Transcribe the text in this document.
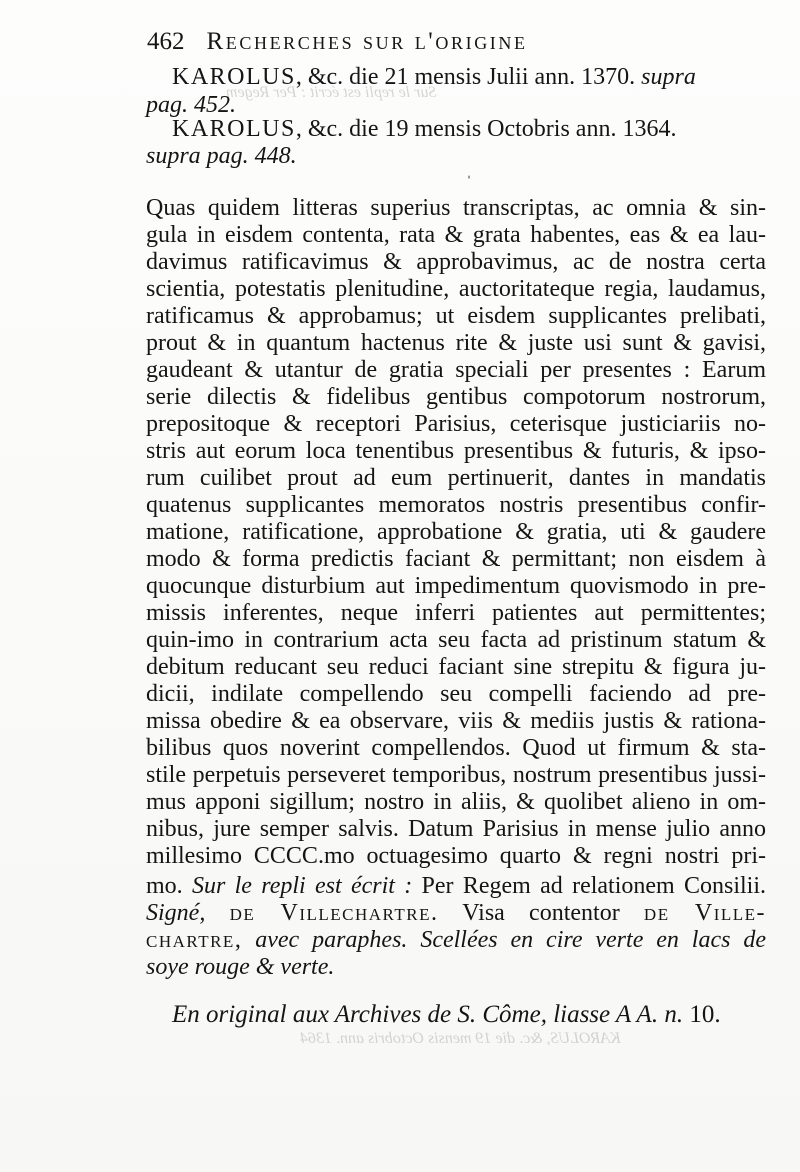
Sur le repli est écrit : Per Regem
KAROLUS, &c. die 19 mensis Octobris ann. 1364
462 Recherches sur l'origine
KAROLUS, &c. die 21 mensis Julii ann. 1370. supra
pag. 452.
KAROLUS, &c. die 19 mensis Octobris ann. 1364.
supra pag. 448.
ˈ
Quas quidem litteras superius transcriptas, ac omnia & sin-
gula in eisdem contenta, rata & grata habentes, eas & ea lau-
davimus ratificavimus & approbavimus, ac de nostra certa
scientia, potestatis plenitudine, auctoritateque regia, laudamus,
ratificamus & approbamus; ut eisdem supplicantes prelibati,
prout & in quantum hactenus rite & juste usi sunt & gavisi,
gaudeant & utantur de gratia speciali per presentes : Earum
serie dilectis & fidelibus gentibus compotorum nostrorum,
prepositoque & receptori Parisius, ceterisque justiciariis no-
stris aut eorum loca tenentibus presentibus & futuris, & ipso-
rum cuilibet prout ad eum pertinuerit, dantes in mandatis
quatenus supplicantes memoratos nostris presentibus confir-
matione, ratificatione, approbatione & gratia, uti & gaudere
modo & forma predictis faciant & permittant; non eisdem à
quocunque disturbium aut impedimentum quovismodo in pre-
missis inferentes, neque inferri patientes aut permittentes;
quin-imo in contrarium acta seu facta ad pristinum statum &
debitum reducant seu reduci faciant sine strepitu & figura ju-
dicii, indilate compellendo seu compelli faciendo ad pre-
missa obedire & ea observare, viis & mediis justis & rationa-
bilibus quos noverint compellendos. Quod ut firmum & sta-
stile perpetuis perseveret temporibus, nostrum presentibus jussi-
mus apponi sigillum; nostro in aliis, & quolibet alieno in om-
nibus, jure semper salvis. Datum Parisius in mense julio anno
millesimo CCCC.mo octuagesimo quarto & regni nostri pri-
mo. Sur le repli est écrit : Per Regem ad relationem Consilii.
Signé, de Villechartre. Visa contentor de Ville-
chartre, avec paraphes. Scellées en cire verte en lacs de
soye rouge & verte.
En original aux Archives de S. Côme, liasse A A. n. 10.
